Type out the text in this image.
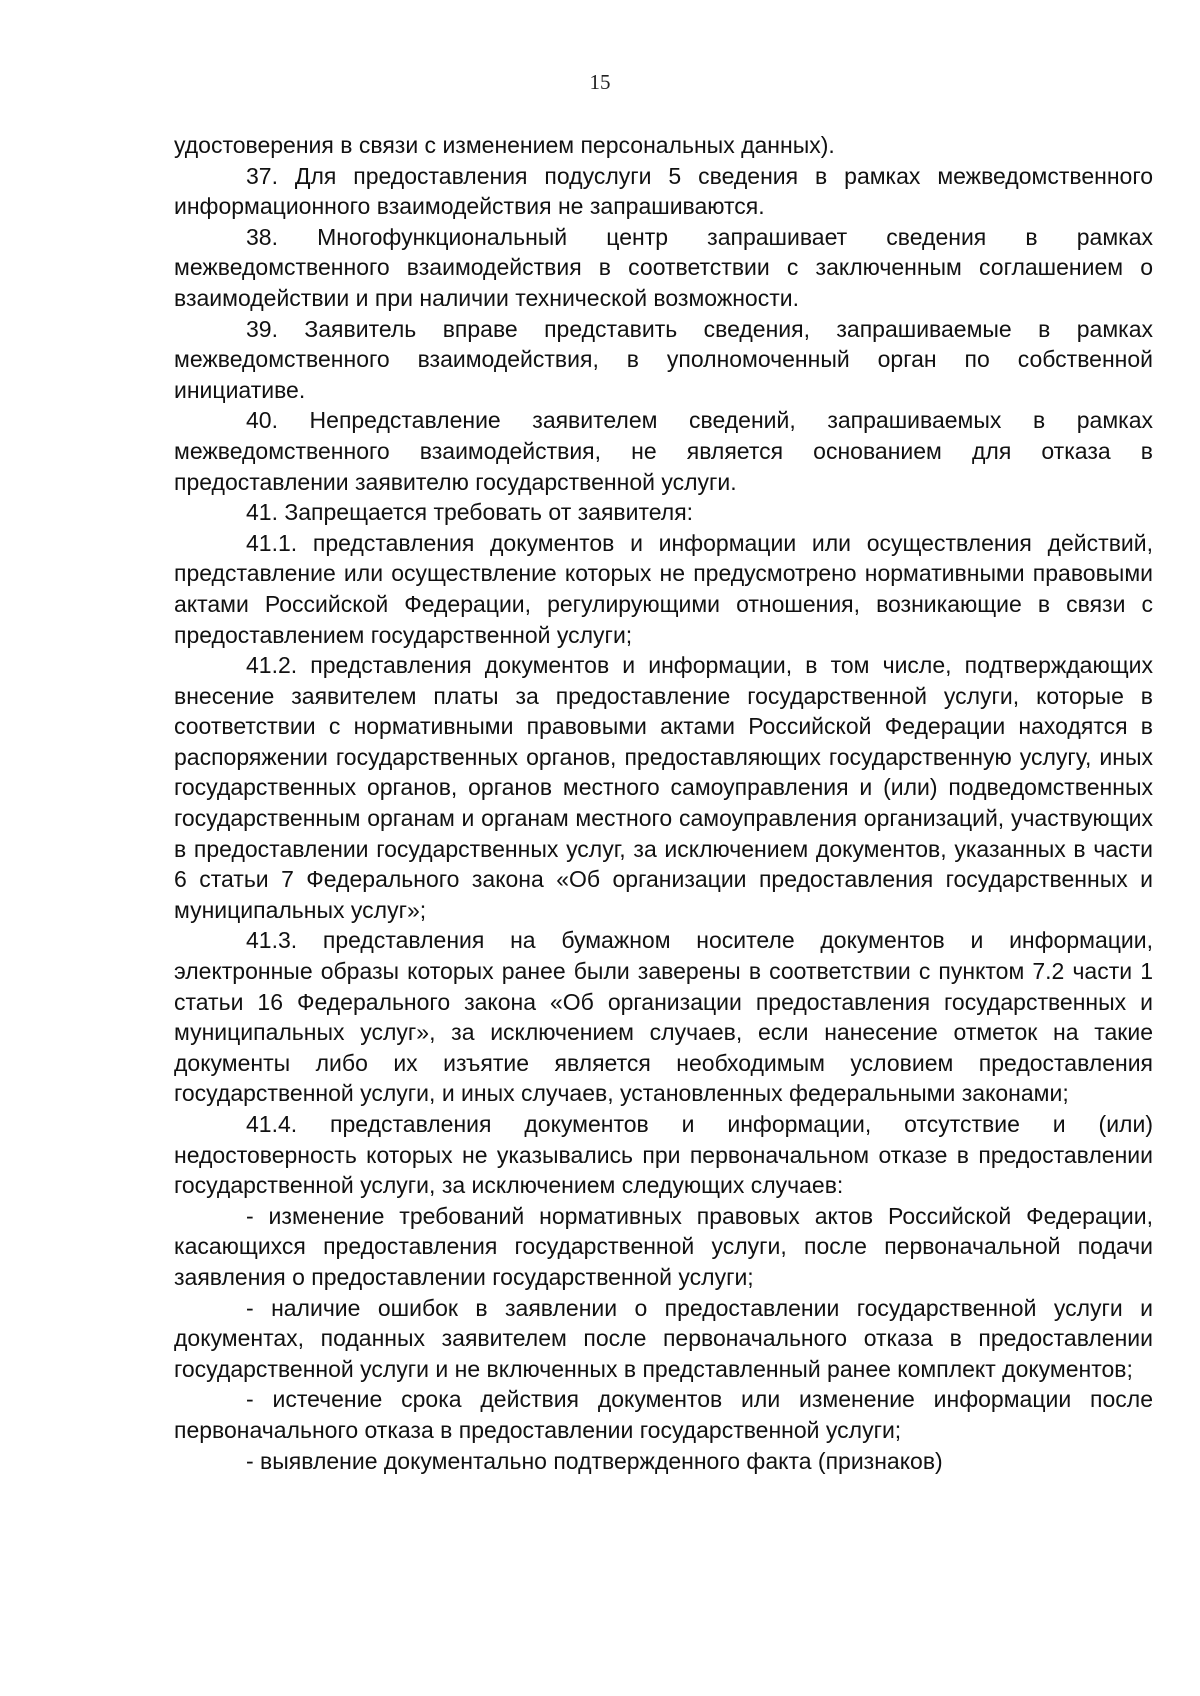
15

удостоверения в связи с изменением персональных данных).

37. Для предоставления подуслуги 5 сведения в рамках межведомственного информационного взаимодействия не запрашиваются.

38. Многофункциональный центр запрашивает сведения в рамках межведомственного взаимодействия в соответствии с заключенным соглашением о взаимодействии и при наличии технической возможности.

39. Заявитель вправе представить сведения, запрашиваемые в рамках межведомственного взаимодействия, в уполномоченный орган по собственной инициативе.

40. Непредставление заявителем сведений, запрашиваемых в рамках межведомственного взаимодействия, не является основанием для отказа в предоставлении заявителю государственной услуги.

41. Запрещается требовать от заявителя:

41.1. представления документов и информации или осуществления действий, представление или осуществление которых не предусмотрено нормативными правовыми актами Российской Федерации, регулирующими отношения, возникающие в связи с предоставлением государственной услуги;

41.2. представления документов и информации, в том числе, подтверждающих внесение заявителем платы за предоставление государственной услуги, которые в соответствии с нормативными правовыми актами Российской Федерации находятся в распоряжении государственных органов, предоставляющих государственную услугу, иных государственных органов, органов местного самоуправления и (или) подведомственных государственным органам и органам местного самоуправления организаций, участвующих в предоставлении государственных услуг, за исключением документов, указанных в части 6 статьи 7 Федерального закона «Об организации предоставления государственных и муниципальных услуг»;

41.3. представления на бумажном носителе документов и информации, электронные образы которых ранее были заверены в соответствии с пунктом 7.2 части 1 статьи 16 Федерального закона «Об организации предоставления государственных и муниципальных услуг», за исключением случаев, если нанесение отметок на такие документы либо их изъятие является необходимым условием предоставления государственной услуги, и иных случаев, установленных федеральными законами;

41.4. представления документов и информации, отсутствие и (или) недостоверность которых не указывались при первоначальном отказе в предоставлении государственной услуги, за исключением следующих случаев:

- изменение требований нормативных правовых актов Российской Федерации, касающихся предоставления государственной услуги, после первоначальной подачи заявления о предоставлении государственной услуги;

- наличие ошибок в заявлении о предоставлении государственной услуги и документах, поданных заявителем после первоначального отказа в предоставлении государственной услуги и не включенных в представленный ранее комплект документов;

- истечение срока действия документов или изменение информации после первоначального отказа в предоставлении государственной услуги;

- выявление документально подтвержденного факта (признаков)
